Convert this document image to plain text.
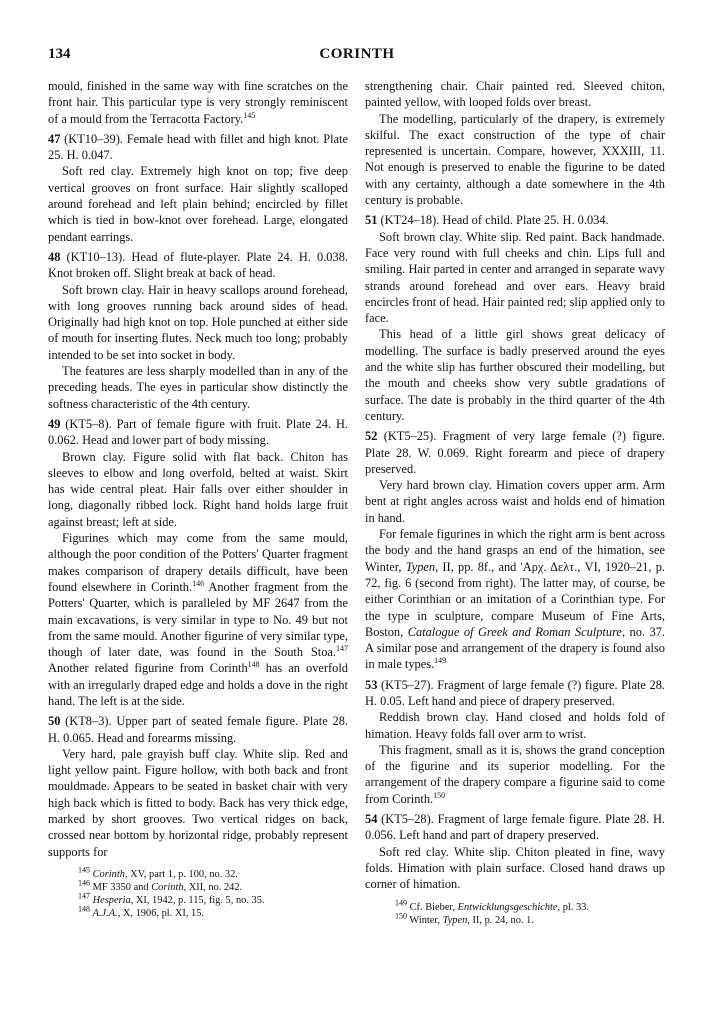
134	CORINTH

mould, finished in the same way with fine scratches on the front hair. This particular type is very strongly reminiscent of a mould from the Terracotta Factory.$^{145}$

47 (KT10–39). Female head with fillet and high knot. Plate 25. H. 0.047.

Soft red clay. Extremely high knot on top; five deep vertical grooves on front surface. Hair slightly scalloped around forehead and left plain behind; encircled by fillet which is tied in bow-knot over forehead. Large, elongated pendant earrings.

48 (KT10–13). Head of flute-player. Plate 24. H. 0.038. Knot broken off. Slight break at back of head.

Soft brown clay. Hair in heavy scallops around forehead, with long grooves running back around sides of head. Originally had high knot on top. Hole punched at either side of mouth for inserting flutes. Neck much too long; probably intended to be set into socket in body.

The features are less sharply modelled than in any of the preceding heads. The eyes in particular show distinctly the softness characteristic of the 4th century.

49 (KT5–8). Part of female figure with fruit. Plate 24. H. 0.062. Head and lower part of body missing.

Brown clay. Figure solid with flat back. Chiton has sleeves to elbow and long overfold, belted at waist. Skirt has wide central pleat. Hair falls over either shoulder in long, diagonally ribbed lock. Right hand holds large fruit against breast; left at side.

Figurines which may come from the same mould, although the poor condition of the Potters' Quarter fragment makes comparison of drapery details difficult, have been found elsewhere in Corinth.$^{146}$ Another fragment from the Potters' Quarter, which is paralleled by MF 2647 from the main excavations, is very similar in type to No. 49 but not from the same mould. Another figurine of very similar type, though of later date, was found in the South Stoa.$^{147}$ Another related figurine from Corinth$^{148}$ has an overfold with an irregularly draped edge and holds a dove in the right hand. The left is at the side.

50 (KT8–3). Upper part of seated female figure. Plate 28. H. 0.065. Head and forearms missing.

Very hard, pale grayish buff clay. White slip. Red and light yellow paint. Figure hollow, with both back and front mouldmade. Appears to be seated in basket chair with very high back which is fitted to body. Back has very thick edge, marked by short grooves. Two vertical ridges on back, crossed near bottom by horizontal ridge, probably represent supports for

$^{145}$ Corinth, XV, part 1, p. 100, no. 32.

$^{146}$ MF 3350 and Corinth, XII, no. 242.

$^{147}$ Hesperia, XI, 1942, p. 115, fig. 5, no. 35.

$^{148}$ A.J.A., X, 1906, pl. XI, 15.

strengthening chair. Chair painted red. Sleeved chiton, painted yellow, with looped folds over breast.

The modelling, particularly of the drapery, is extremely skilful. The exact construction of the type of chair represented is uncertain. Compare, however, XXXIII, 11. Not enough is preserved to enable the figurine to be dated with any certainty, although a date somewhere in the 4th century is probable.

51 (KT24–18). Head of child. Plate 25. H. 0.034.

Soft brown clay. White slip. Red paint. Back handmade. Face very round with full cheeks and chin. Lips full and smiling. Hair parted in center and arranged in separate wavy strands around forehead and over ears. Heavy braid encircles front of head. Hair painted red; slip applied only to face.

This head of a little girl shows great delicacy of modelling. The surface is badly preserved around the eyes and the white slip has further obscured their modelling, but the mouth and cheeks show very subtle gradations of surface. The date is probably in the third quarter of the 4th century.

52 (KT5–25). Fragment of very large female (?) figure. Plate 28. W. 0.069. Right forearm and piece of drapery preserved.

Very hard brown clay. Himation covers upper arm. Arm bent at right angles across waist and holds end of himation in hand.

For female figurines in which the right arm is bent across the body and the hand grasps an end of the himation, see Winter, Typen, II, pp. 8f., and 'Αρχ. Δελτ., VI, 1920–21, p. 72, fig. 6 (second from right). The latter may, of course, be either Corinthian or an imitation of a Corinthian type. For the type in sculpture, compare Museum of Fine Arts, Boston, Catalogue of Greek and Roman Sculpture, no. 37. A similar pose and arrangement of the drapery is found also in male types.$^{149}$

53 (KT5–27). Fragment of large female (?) figure. Plate 28. H. 0.05. Left hand and piece of drapery preserved.

Reddish brown clay. Hand closed and holds fold of himation. Heavy folds fall over arm to wrist.

This fragment, small as it is, shows the grand conception of the figurine and its superior modelling. For the arrangement of the drapery compare a figurine said to come from Corinth.$^{150}$

54 (KT5–28). Fragment of large female figure. Plate 28. H. 0.056. Left hand and part of drapery preserved.

Soft red clay. White slip. Chiton pleated in fine, wavy folds. Himation with plain surface. Closed hand draws up corner of himation.

$^{149}$ Cf. Bieber, Entwicklungsgeschichte, pl. 33.

$^{150}$ Winter, Typen, II, p. 24, no. 1.
